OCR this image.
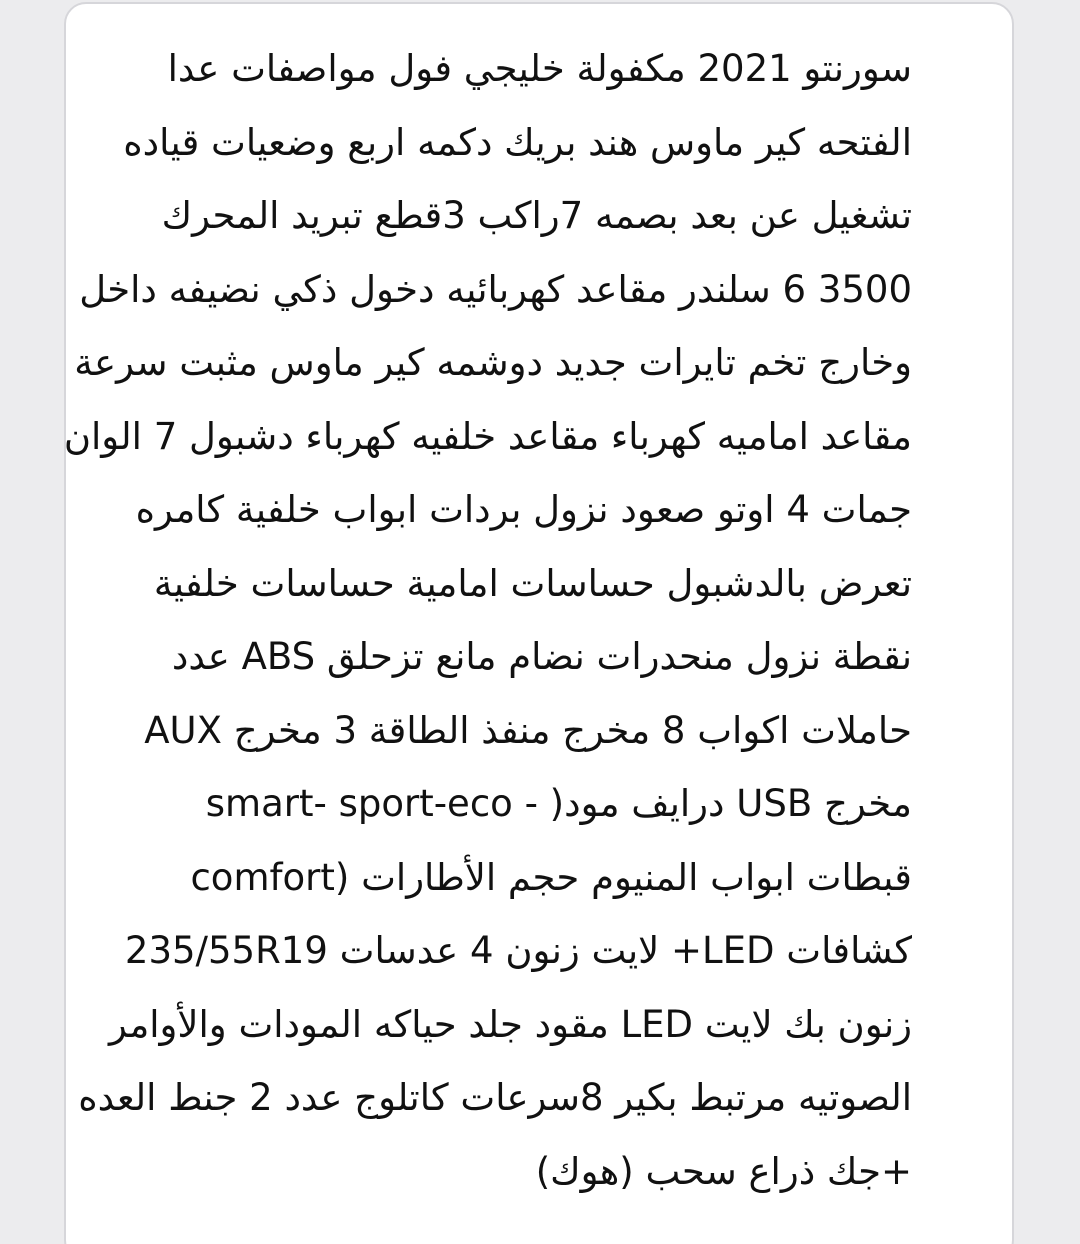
سورنتو 2021 مكفولة خليجي فول مواصفات عدا
الفتحه كير ماوس هند بريك دكمه اربع وضعيات قياده
تشغيل عن بعد بصمه 7راكب 3قطع تبريد المحرك
3500 6 سلندر مقاعد كهربائيه دخول ذكي نضيفه داخل
وخارج تخم تايرات جديد دوشمه كير ماوس مثبت سرعة
مقاعد اماميه كهرباء مقاعد خلفيه كهرباء دشبول 7 الوان
جمات 4 اوتو صعود نزول بردات ابواب خلفية كامره
تعرض بالدشبول حساسات امامية حساسات خلفية
نقطة نزول منحدرات نضام مانع تزحلق ABS عدد
حاملات اكواب 8 مخرج منفذ الطاقة 3 مخرج AUX
مخرج USB درايف مود( - smart- sport-eco
comfort) قبطات ابواب المنيوم حجم الأطارات
235/55R19 لايت زنون 4 عدسات +LED كشافات
زنون بك لايت LED مقود جلد حياكه المودات والأوامر
الصوتيه مرتبط بكير 8سرعات كاتلوج عدد 2 جنط العده
+جك ذراع سحب (هوك)
